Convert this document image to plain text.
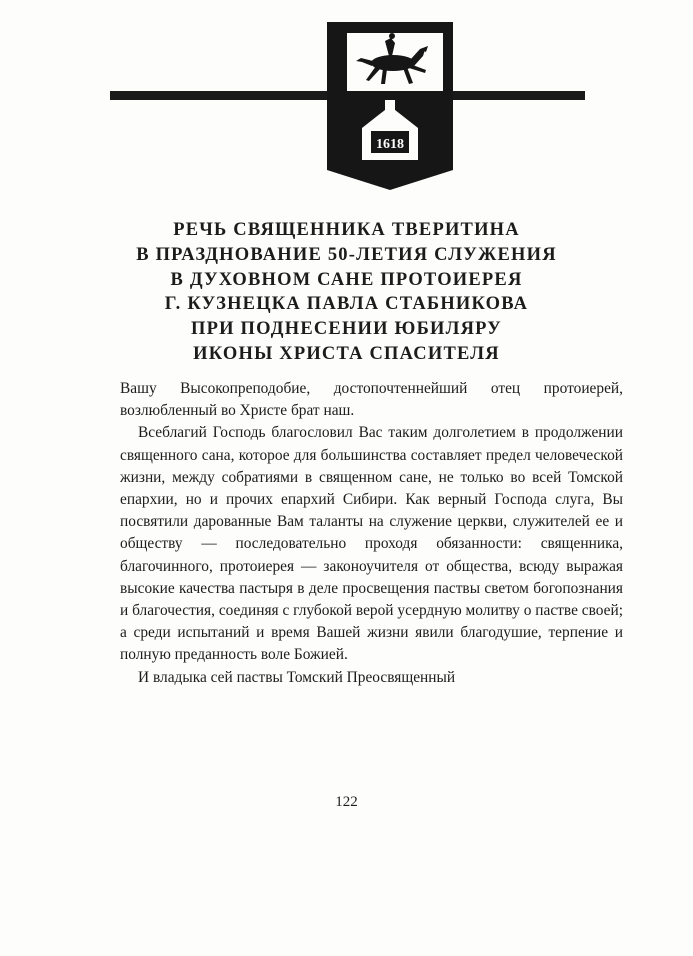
1618
РЕЧЬ СВЯЩЕННИКА ТВЕРИТИНА
В ПРАЗДНОВАНИЕ 50-ЛЕТИЯ СЛУЖЕНИЯ
В ДУХОВНОМ САНЕ ПРОТОИЕРЕЯ
Г. КУЗНЕЦКА ПАВЛА СТАБНИКОВА
ПРИ ПОДНЕСЕНИИ ЮБИЛЯРУ
ИКОНЫ ХРИСТА СПАСИТЕЛЯ

Вашу Высокопреподобие, достопочтеннейший отец протоиерей, возлюбленный во Христе брат наш.

Всеблагий Господь благословил Вас таким долголетием в продолжении священного сана, которое для большинства составляет предел человеческой жизни, между собратиями в священном сане, не только во всей Томской епархии, но и прочих епархий Сибири. Как верный Господа слуга, Вы посвятили дарованные Вам таланты на служение церкви, служителей ее и обществу — последовательно проходя обязанности: священника, благочинного, протоиерея — законоучителя от общества, всюду выражая высокие качества пастыря в деле просвещения паствы светом богопознания и благочестия, соединяя с глубокой верой усердную молитву о пастве своей; а среди испытаний и время Вашей жизни явили благодушие, терпение и полную преданность воле Божией.

И владыка сей паствы Томский Преосвященный

122
